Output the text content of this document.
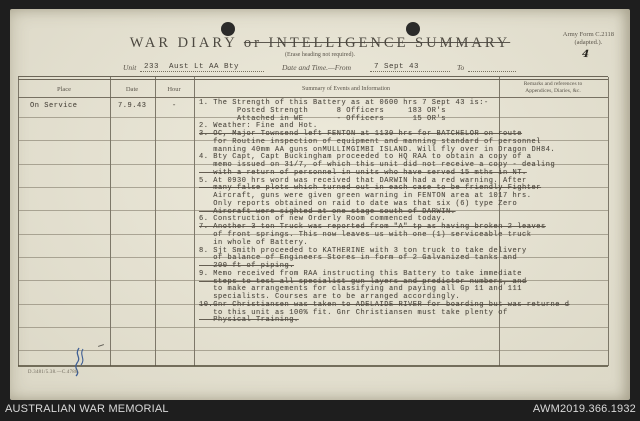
Army Form C.2118
(adapted.).
4
WAR DIARY or INTELLIGENCE SUMMARY
(Erase heading not required).
Unit 233  Aust Lt AA Bty	Date and Time.—From	7 Sept 43	To
Place	Date	Hour	Summary of Events and Information
Remarks and references to
Appendices, Diaries, &c.
On Service	7.9.43	-	1. The Strength of this Battery as at 0600 hrs 7 Sept 43 is:-
Posted Strength      8 Officers     183 OR's
Attached in WE       - Officers      15 OR's
2. Weather: Fine and Hot.
3. OC, Major Townsend left FENTON at 1130 hrs for BATCHELOR on route
for Routine inspection of equipment and manning standard of personnel
manning 40mm AA guns onMULLIMGIMBI ISLAND. Will fly over in Dragon DH84.
4. Bty Capt, Capt Buckingham proceeded to HQ RAA to obtain a copy of a
memo issued on 31/7, of which this unit did not receive a copy - dealing
with a return of personnel in units who have served 15 mths in NT.
5. At 0930 hrs word was received that DARWIN had a red warning. After
many false plots which turned out in each case to be friendly Fighter
Aircraft, guns were given green warning in FENTON area at 1017 hrs.
Only reports obtained on raid to date was that six (6) type Zero
Aircraft were sighted at one stage south of DARWIN.
6. Construction of new Orderly Room commenced today.
7. Another 3 ton Truck was reported from "A" tp as having broken 2 leaves
of front springs. This now leaves us with one (1) serviceable truck
in whole of Battery.
8. Sjt Smith proceeded to KATHERINE with 3 ton truck to take delivery
of balance of Engineers Stores in form of 2 Galvanized tanks and
200 ft of piping.
9. Memo received from RAA instructing this Battery to take immediate
steps to test all specialist gun layers and predictor numbers, and
to make arrangements for classifying and paying all Gp 11 and 111
specialists. Courses are to be arranged accordingly.
10.Gnr Christiansen was taken to ADELAIDE RIVER for boarding but was returne d
to this unit as 100% fit. Gnr Christiansen must take plenty of
Physical Training.
D.3481/5.38.—C.4788.
AUSTRALIAN WAR MEMORIAL	AWM2019.366.1932
